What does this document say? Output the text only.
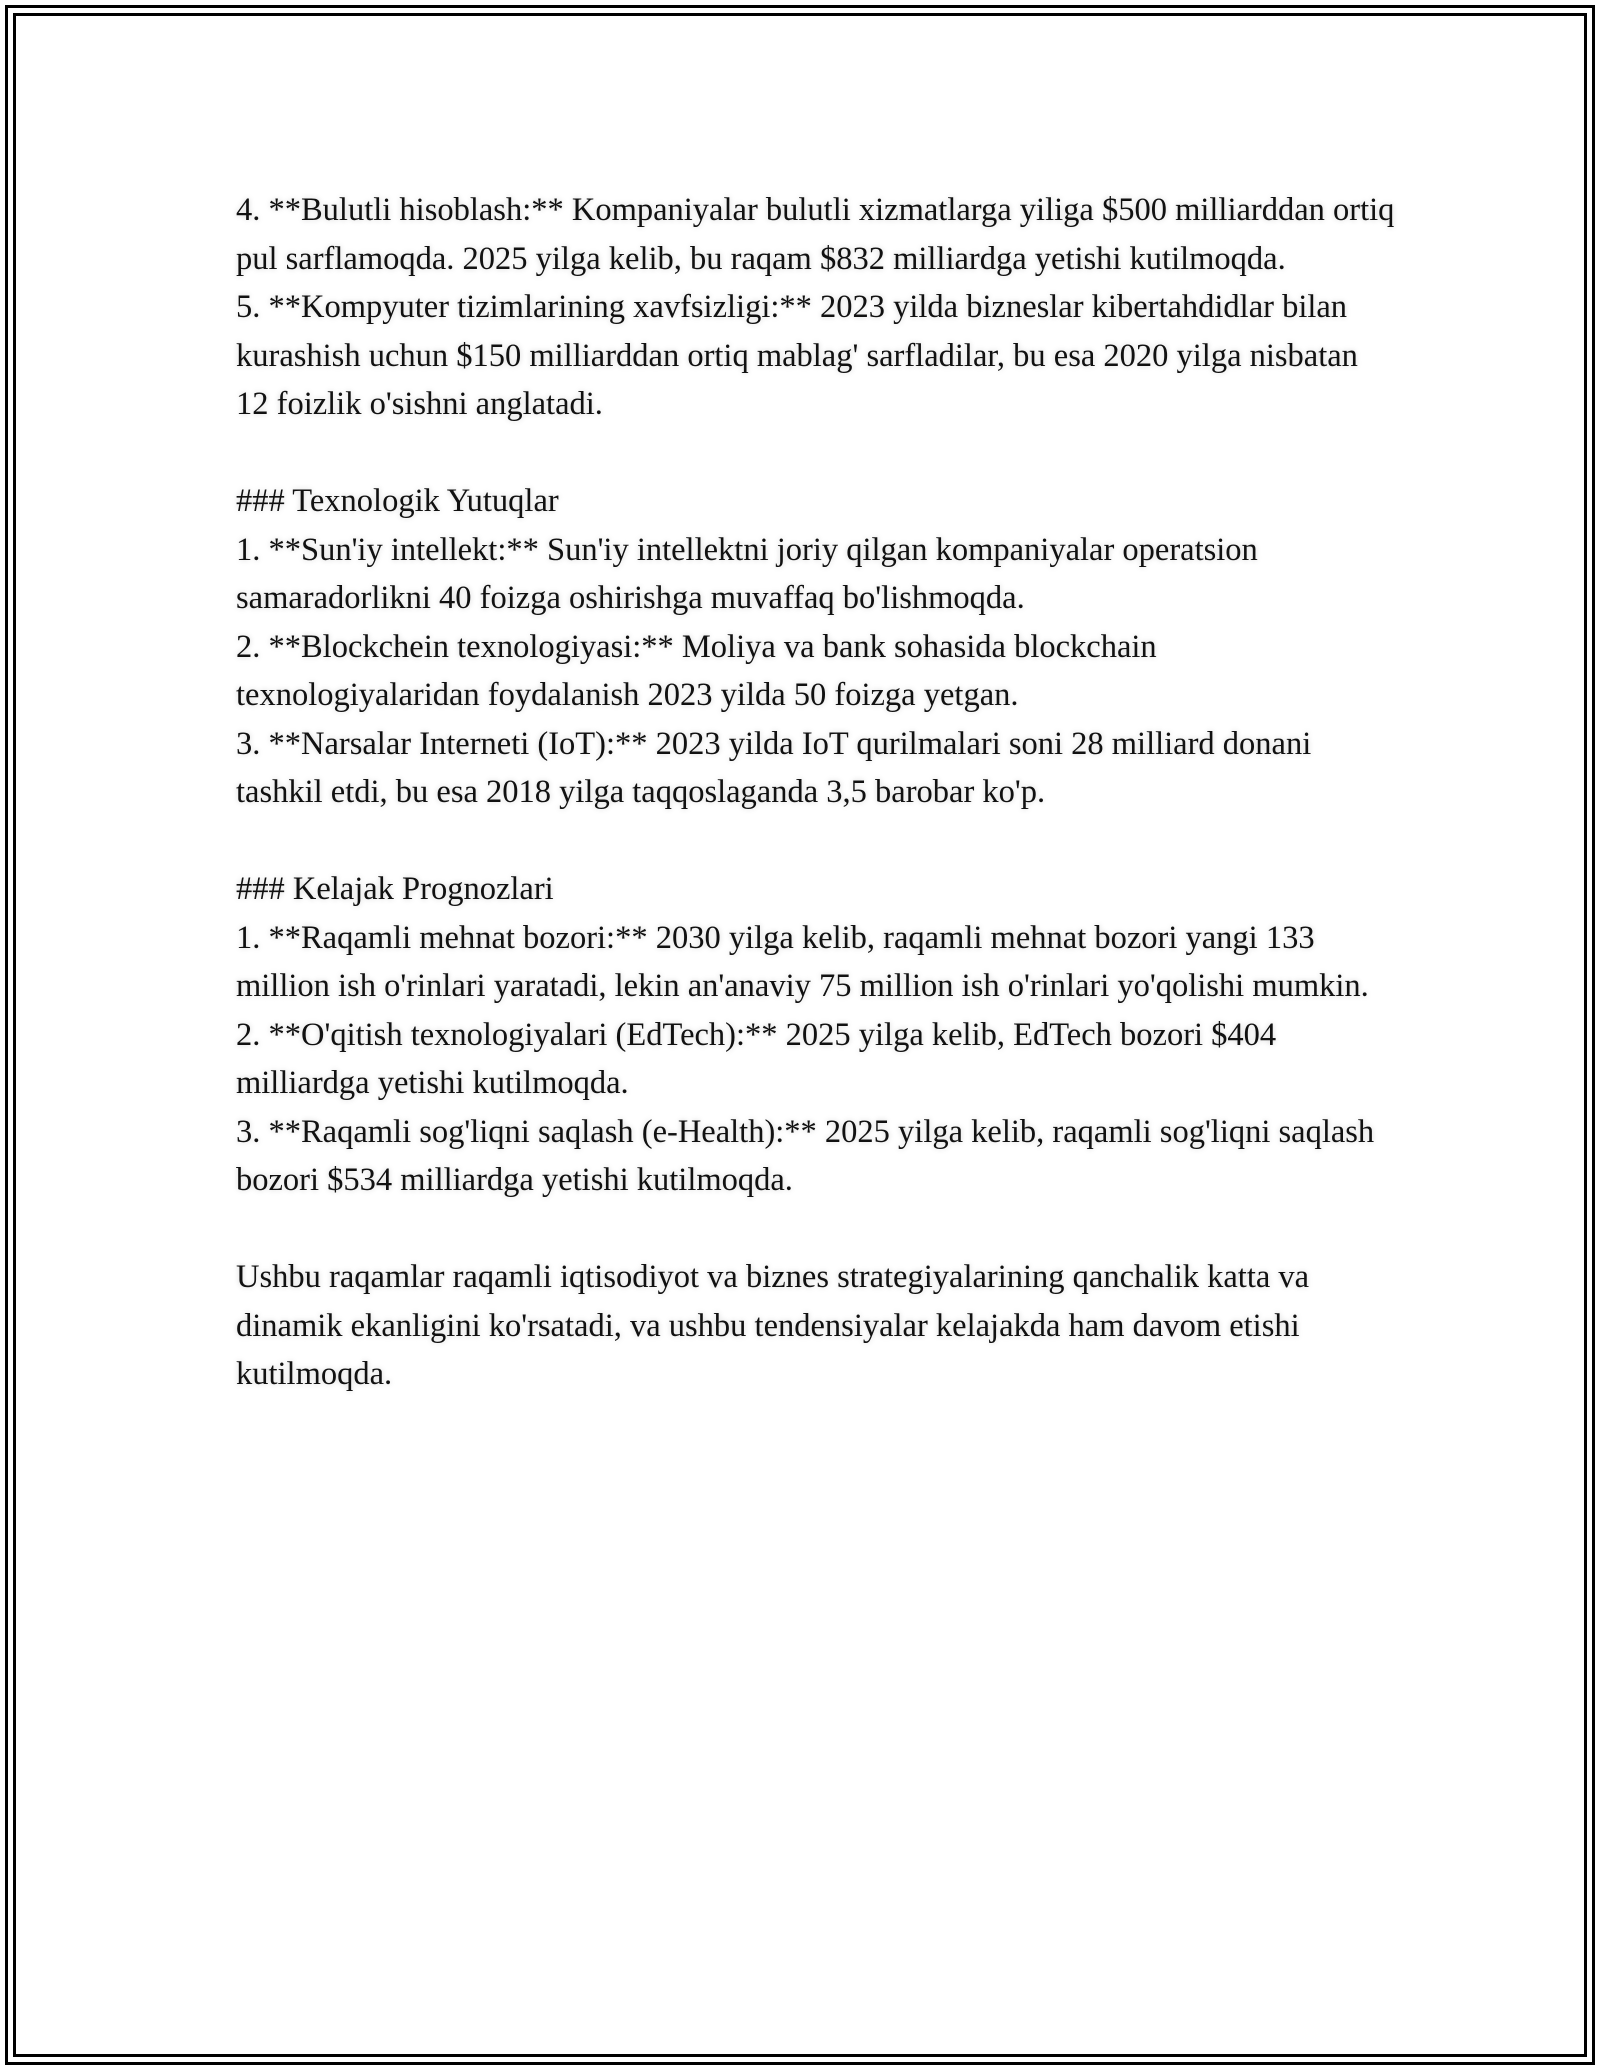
4. **Bulutli hisoblash:** Kompaniyalar bulutli xizmatlarga yiliga $500 milliarddan ortiq pul sarflamoqda. 2025 yilga kelib, bu raqam $832 milliardga yetishi kutilmoqda.

5. **Kompyuter tizimlarining xavfsizligi:** 2023 yilda bizneslar kibertahdidlar bilan kurashish uchun $150 milliarddan ortiq mablag' sarfladilar, bu esa 2020 yilga nisbatan 12 foizlik o'sishni anglatadi.

### Texnologik Yutuqlar

1. **Sun'iy intellekt:** Sun'iy intellektni joriy qilgan kompaniyalar operatsion samaradorlikni 40 foizga oshirishga muvaffaq bo'lishmoqda.

2. **Blockchein texnologiyasi:** Moliya va bank sohasida blockchain texnologiyalaridan foydalanish 2023 yilda 50 foizga yetgan.

3. **Narsalar Interneti (IoT):** 2023 yilda IoT qurilmalari soni 28 milliard donani tashkil etdi, bu esa 2018 yilga taqqoslaganda 3,5 barobar ko'p.

### Kelajak Prognozlari

1. **Raqamli mehnat bozori:** 2030 yilga kelib, raqamli mehnat bozori yangi 133 million ish o'rinlari yaratadi, lekin an'anaviy 75 million ish o'rinlari yo'qolishi mumkin.

2. **O'qitish texnologiyalari (EdTech):** 2025 yilga kelib, EdTech bozori $404 milliardga yetishi kutilmoqda.

3. **Raqamli sog'liqni saqlash (e-Health):** 2025 yilga kelib, raqamli sog'liqni saqlash bozori $534 milliardga yetishi kutilmoqda.

Ushbu raqamlar raqamli iqtisodiyot va biznes strategiyalarining qanchalik katta va dinamik ekanligini ko'rsatadi, va ushbu tendensiyalar kelajakda ham davom etishi kutilmoqda.
